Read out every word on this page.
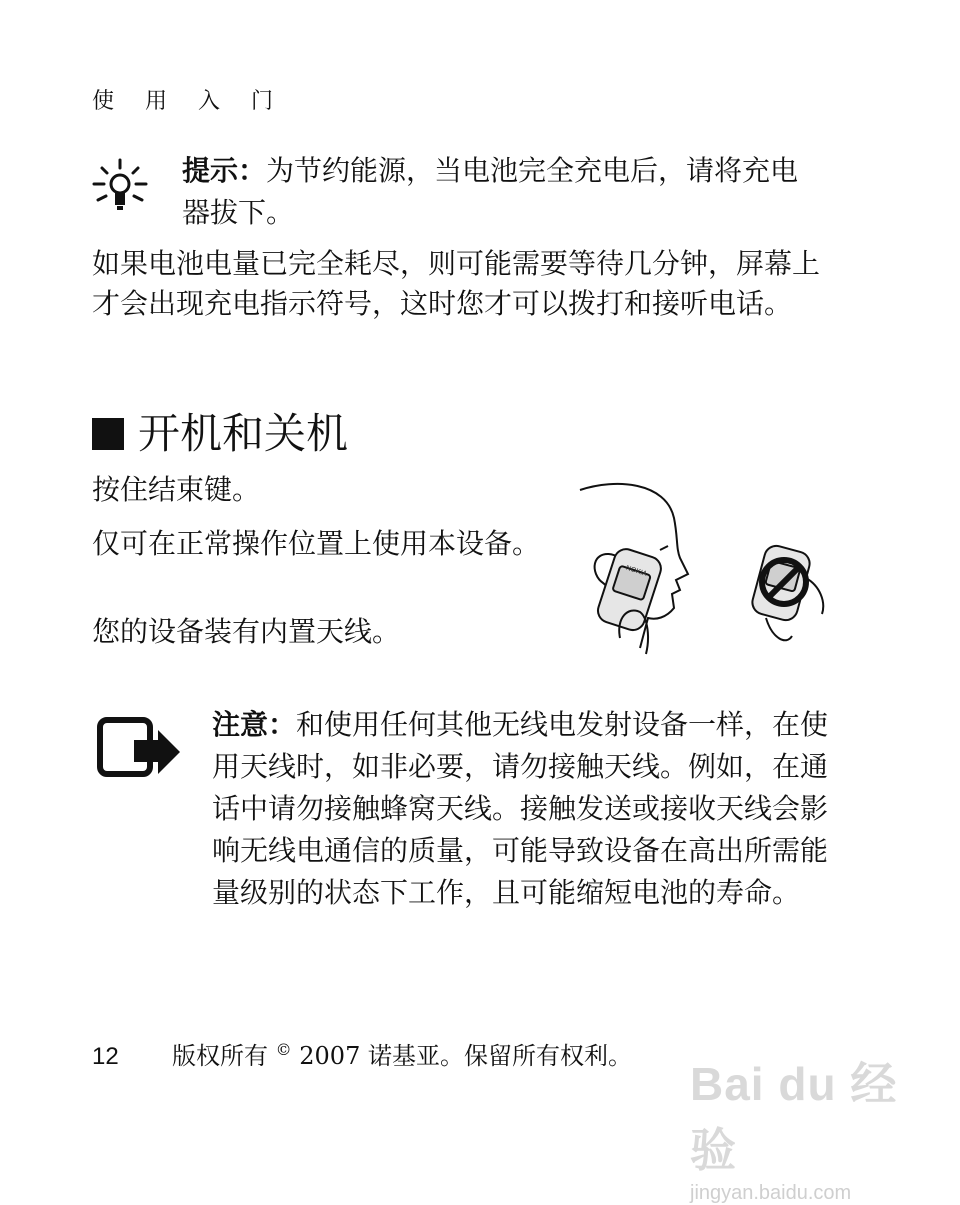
使 用 入 门
提示：为节约能源，当电池完全充电后，请将充电器拔下。
如果电池电量已完全耗尽，则可能需要等待几分钟，屏幕上才会出现充电指示符号，这时您才可以拨打和接听电话。
开机和关机
按住结束键。
仅可在正常操作位置上使用本设备。
您的设备装有内置天线。
NOKIA
注意：和使用任何其他无线电发射设备一样，在使用天线时，如非必要，请勿接触天线。例如，在通话中请勿接触蜂窝天线。接触发送或接收天线会影响无线电通信的质量，可能导致设备在高出所需能量级别的状态下工作，且可能缩短电池的寿命。
12	版权所有 © 2007 诺基亚。保留所有权利。
Bai du 经验
jingyan.baidu.com
